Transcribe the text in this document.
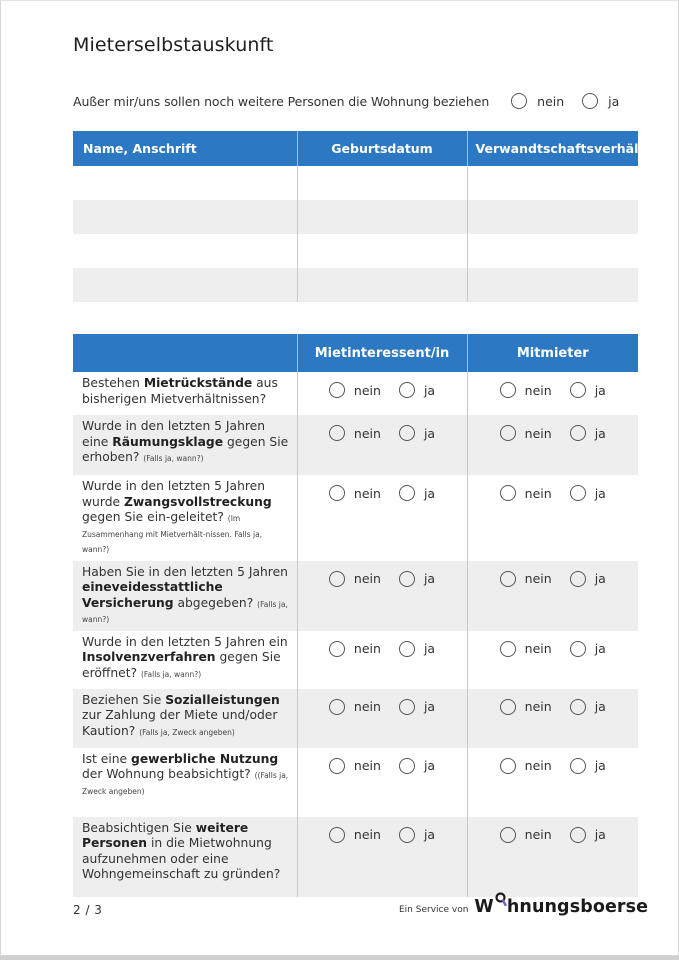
Mieterselbstauskunft
Außer mir/uns sollen noch weitere Personen die Wohnung beziehen	nein	ja
Name, Anschrift	Geburtsdatum	Verwandtschaftsverhältnis

	Mietinteressent/in	Mitmieter
Bestehen Mietrückstände aus bisherigen Mietverhältnissen?	nein ja	nein ja

Wurde in den letzten 5 Jahren eine Räumungsklage gegen Sie erhoben? (Falls ja, wann?)	nein ja	nein ja

Wurde in den letzten 5 Jahren wurde Zwangsvollstreckung gegen Sie ein-geleitet? (Im Zusammenhang mit Mietverhält-nissen. Falls ja, wann?)	nein ja	nein ja

Haben Sie in den letzten 5 Jahren eineveidesstattliche Versicherung abgegeben? (Falls ja, wann?)	nein ja	nein ja

Wurde in den letzten 5 Jahren ein Insolvenzverfahren gegen Sie eröffnet? (Falls ja, wann?)	nein ja	nein ja

Beziehen Sie Sozialleistungen zur Zahlung der Miete und/oder Kaution? (Falls ja, Zweck angeben)	nein ja	nein ja

Ist eine gewerbliche Nutzung der Wohnung beabsichtigt? ((Falls ja, Zweck angeben)	nein ja	nein ja

Beabsichtigen Sie weitere Personen in die Mietwohnung aufzunehmen oder eine Wohngemeinschaft zu gründen?	nein ja	nein ja
2 / 3	Ein Service von W hnungsboerse
